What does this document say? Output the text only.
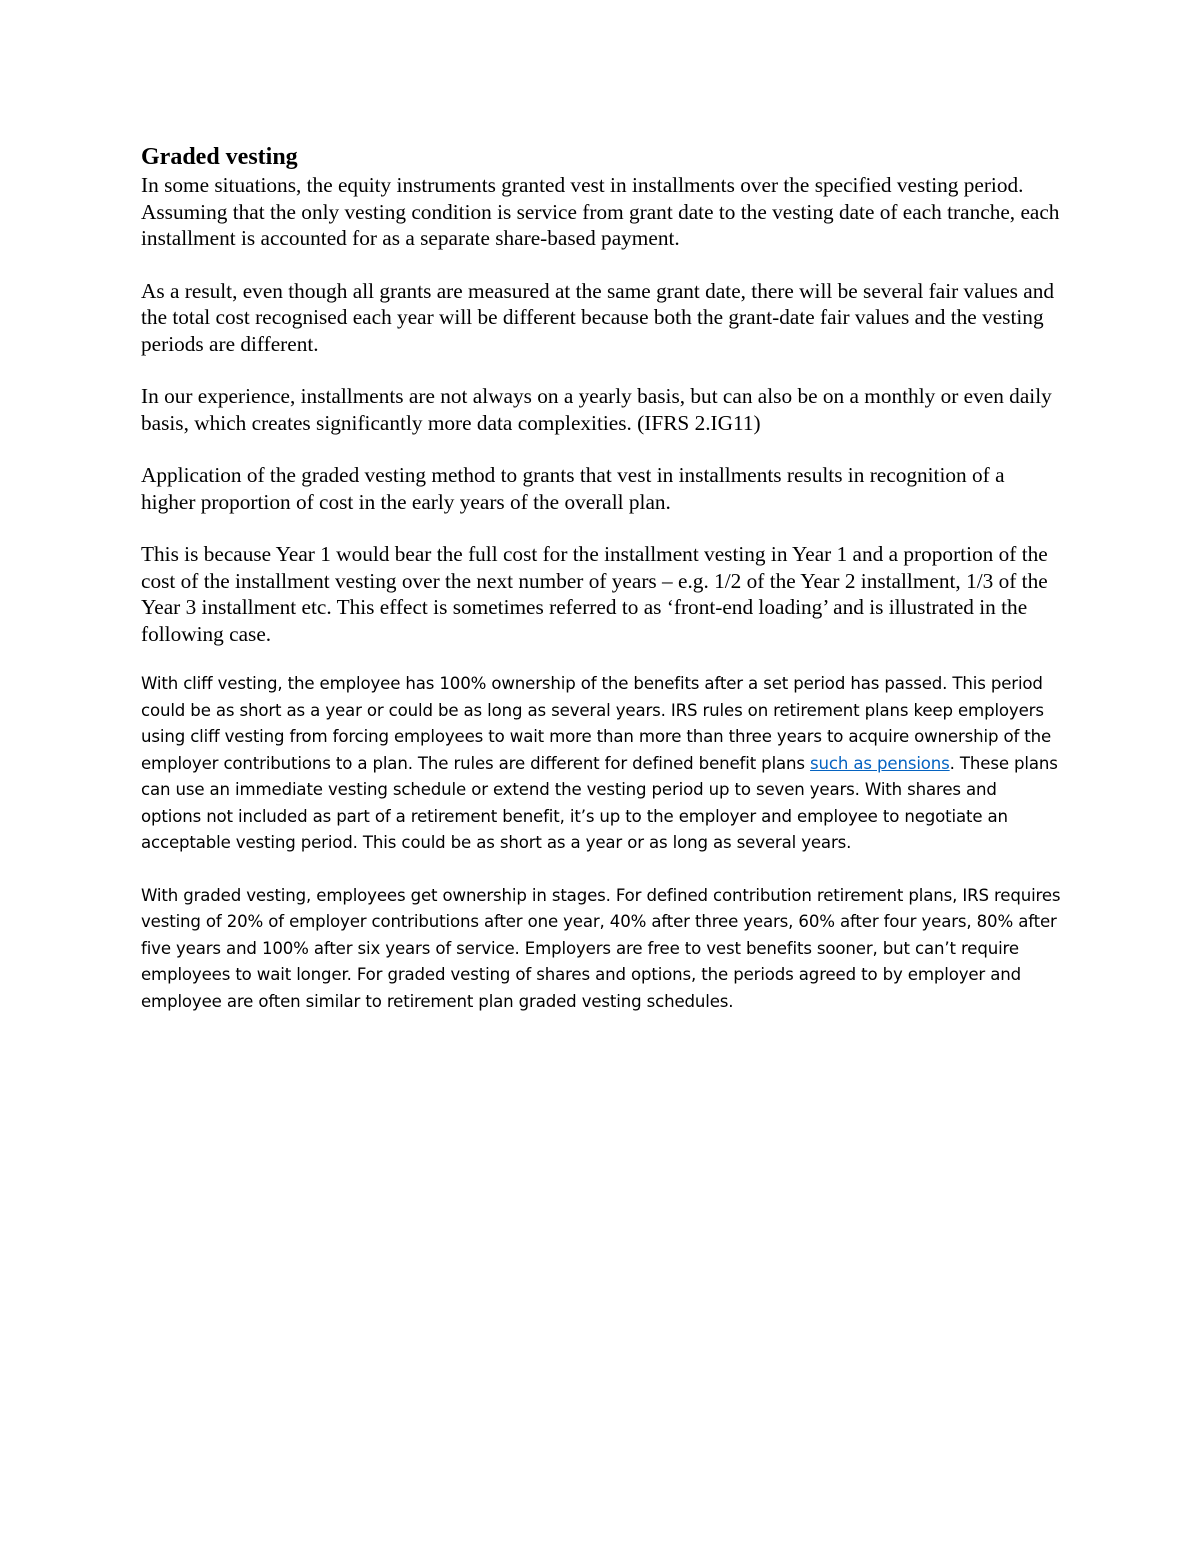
Graded vesting

In some situations, the equity instruments granted vest in installments over the specified vesting period. Assuming that the only vesting condition is service from grant date to the vesting date of each tranche, each installment is accounted for as a separate share-based payment.

As a result, even though all grants are measured at the same grant date, there will be several fair values and the total cost recognised each year will be different because both the grant-date fair values and the vesting periods are different.

In our experience, installments are not always on a yearly basis, but can also be on a monthly or even daily basis, which creates significantly more data complexities. (IFRS 2.IG11)

Application of the graded vesting method to grants that vest in installments results in recognition of a higher proportion of cost in the early years of the overall plan.

This is because Year 1 would bear the full cost for the installment vesting in Year 1 and a proportion of the cost of the installment vesting over the next number of years – e.g. 1/2 of the Year 2 installment, 1/3 of the Year 3 installment etc. This effect is sometimes referred to as ‘front-end loading’ and is illustrated in the following case.

With cliff vesting, the employee has 100% ownership of the benefits after a set period has passed. This period could be as short as a year or could be as long as several years. IRS rules on retirement plans keep employers using cliff vesting from forcing employees to wait more than more than three years to acquire ownership of the employer contributions to a plan. The rules are different for defined benefit plans such as pensions. These plans can use an immediate vesting schedule or extend the vesting period up to seven years. With shares and options not included as part of a retirement benefit, it’s up to the employer and employee to negotiate an acceptable vesting period. This could be as short as a year or as long as several years.

With graded vesting, employees get ownership in stages. For defined contribution retirement plans, IRS requires vesting of 20% of employer contributions after one year, 40% after three years, 60% after four years, 80% after five years and 100% after six years of service. Employers are free to vest benefits sooner, but can’t require employees to wait longer. For graded vesting of shares and options, the periods agreed to by employer and employee are often similar to retirement plan graded vesting schedules.
